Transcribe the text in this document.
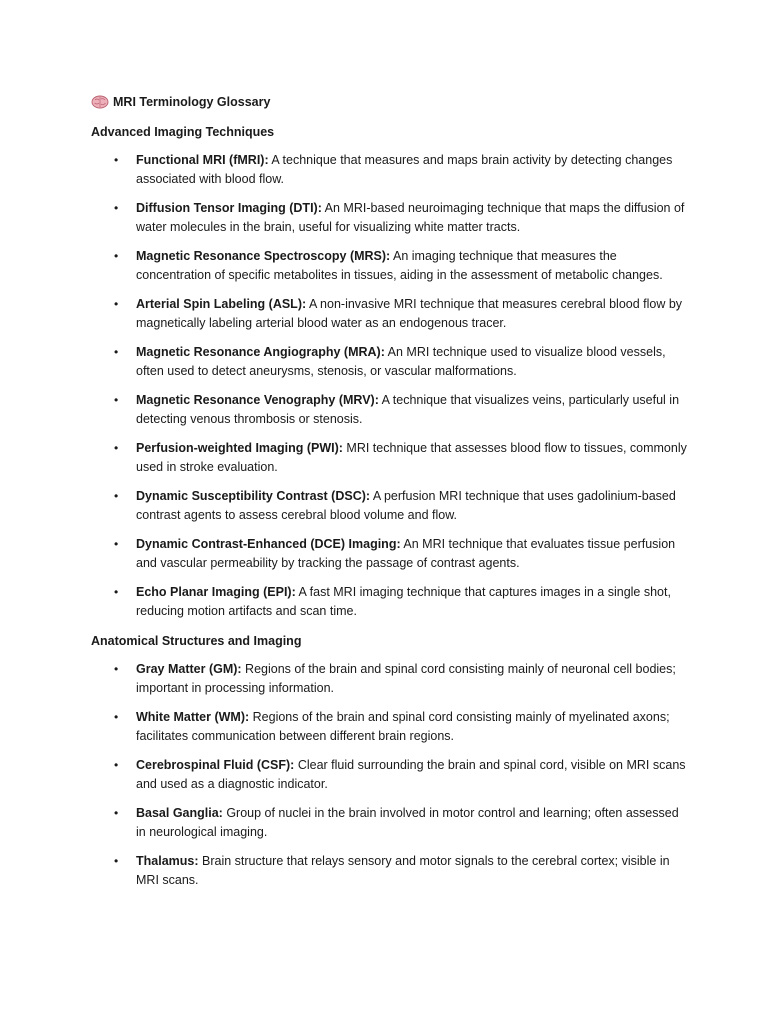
MRI Terminology Glossary
Advanced Imaging Techniques
• Functional MRI (fMRI): A technique that measures and maps brain activity by detecting changes associated with blood flow.
• Diffusion Tensor Imaging (DTI): An MRI-based neuroimaging technique that maps the diffusion of water molecules in the brain, useful for visualizing white matter tracts.
• Magnetic Resonance Spectroscopy (MRS): An imaging technique that measures the concentration of specific metabolites in tissues, aiding in the assessment of metabolic changes.
• Arterial Spin Labeling (ASL): A non-invasive MRI technique that measures cerebral blood flow by magnetically labeling arterial blood water as an endogenous tracer.
• Magnetic Resonance Angiography (MRA): An MRI technique used to visualize blood vessels, often used to detect aneurysms, stenosis, or vascular malformations.
• Magnetic Resonance Venography (MRV): A technique that visualizes veins, particularly useful in detecting venous thrombosis or stenosis.
• Perfusion-weighted Imaging (PWI): MRI technique that assesses blood flow to tissues, commonly used in stroke evaluation.
• Dynamic Susceptibility Contrast (DSC): A perfusion MRI technique that uses gadolinium-based contrast agents to assess cerebral blood volume and flow.
• Dynamic Contrast-Enhanced (DCE) Imaging: An MRI technique that evaluates tissue perfusion and vascular permeability by tracking the passage of contrast agents.
• Echo Planar Imaging (EPI): A fast MRI imaging technique that captures images in a single shot, reducing motion artifacts and scan time.
Anatomical Structures and Imaging
• Gray Matter (GM): Regions of the brain and spinal cord consisting mainly of neuronal cell bodies; important in processing information.
• White Matter (WM): Regions of the brain and spinal cord consisting mainly of myelinated axons; facilitates communication between different brain regions.
• Cerebrospinal Fluid (CSF): Clear fluid surrounding the brain and spinal cord, visible on MRI scans and used as a diagnostic indicator.
• Basal Ganglia: Group of nuclei in the brain involved in motor control and learning; often assessed in neurological imaging.
• Thalamus: Brain structure that relays sensory and motor signals to the cerebral cortex; visible in MRI scans.
